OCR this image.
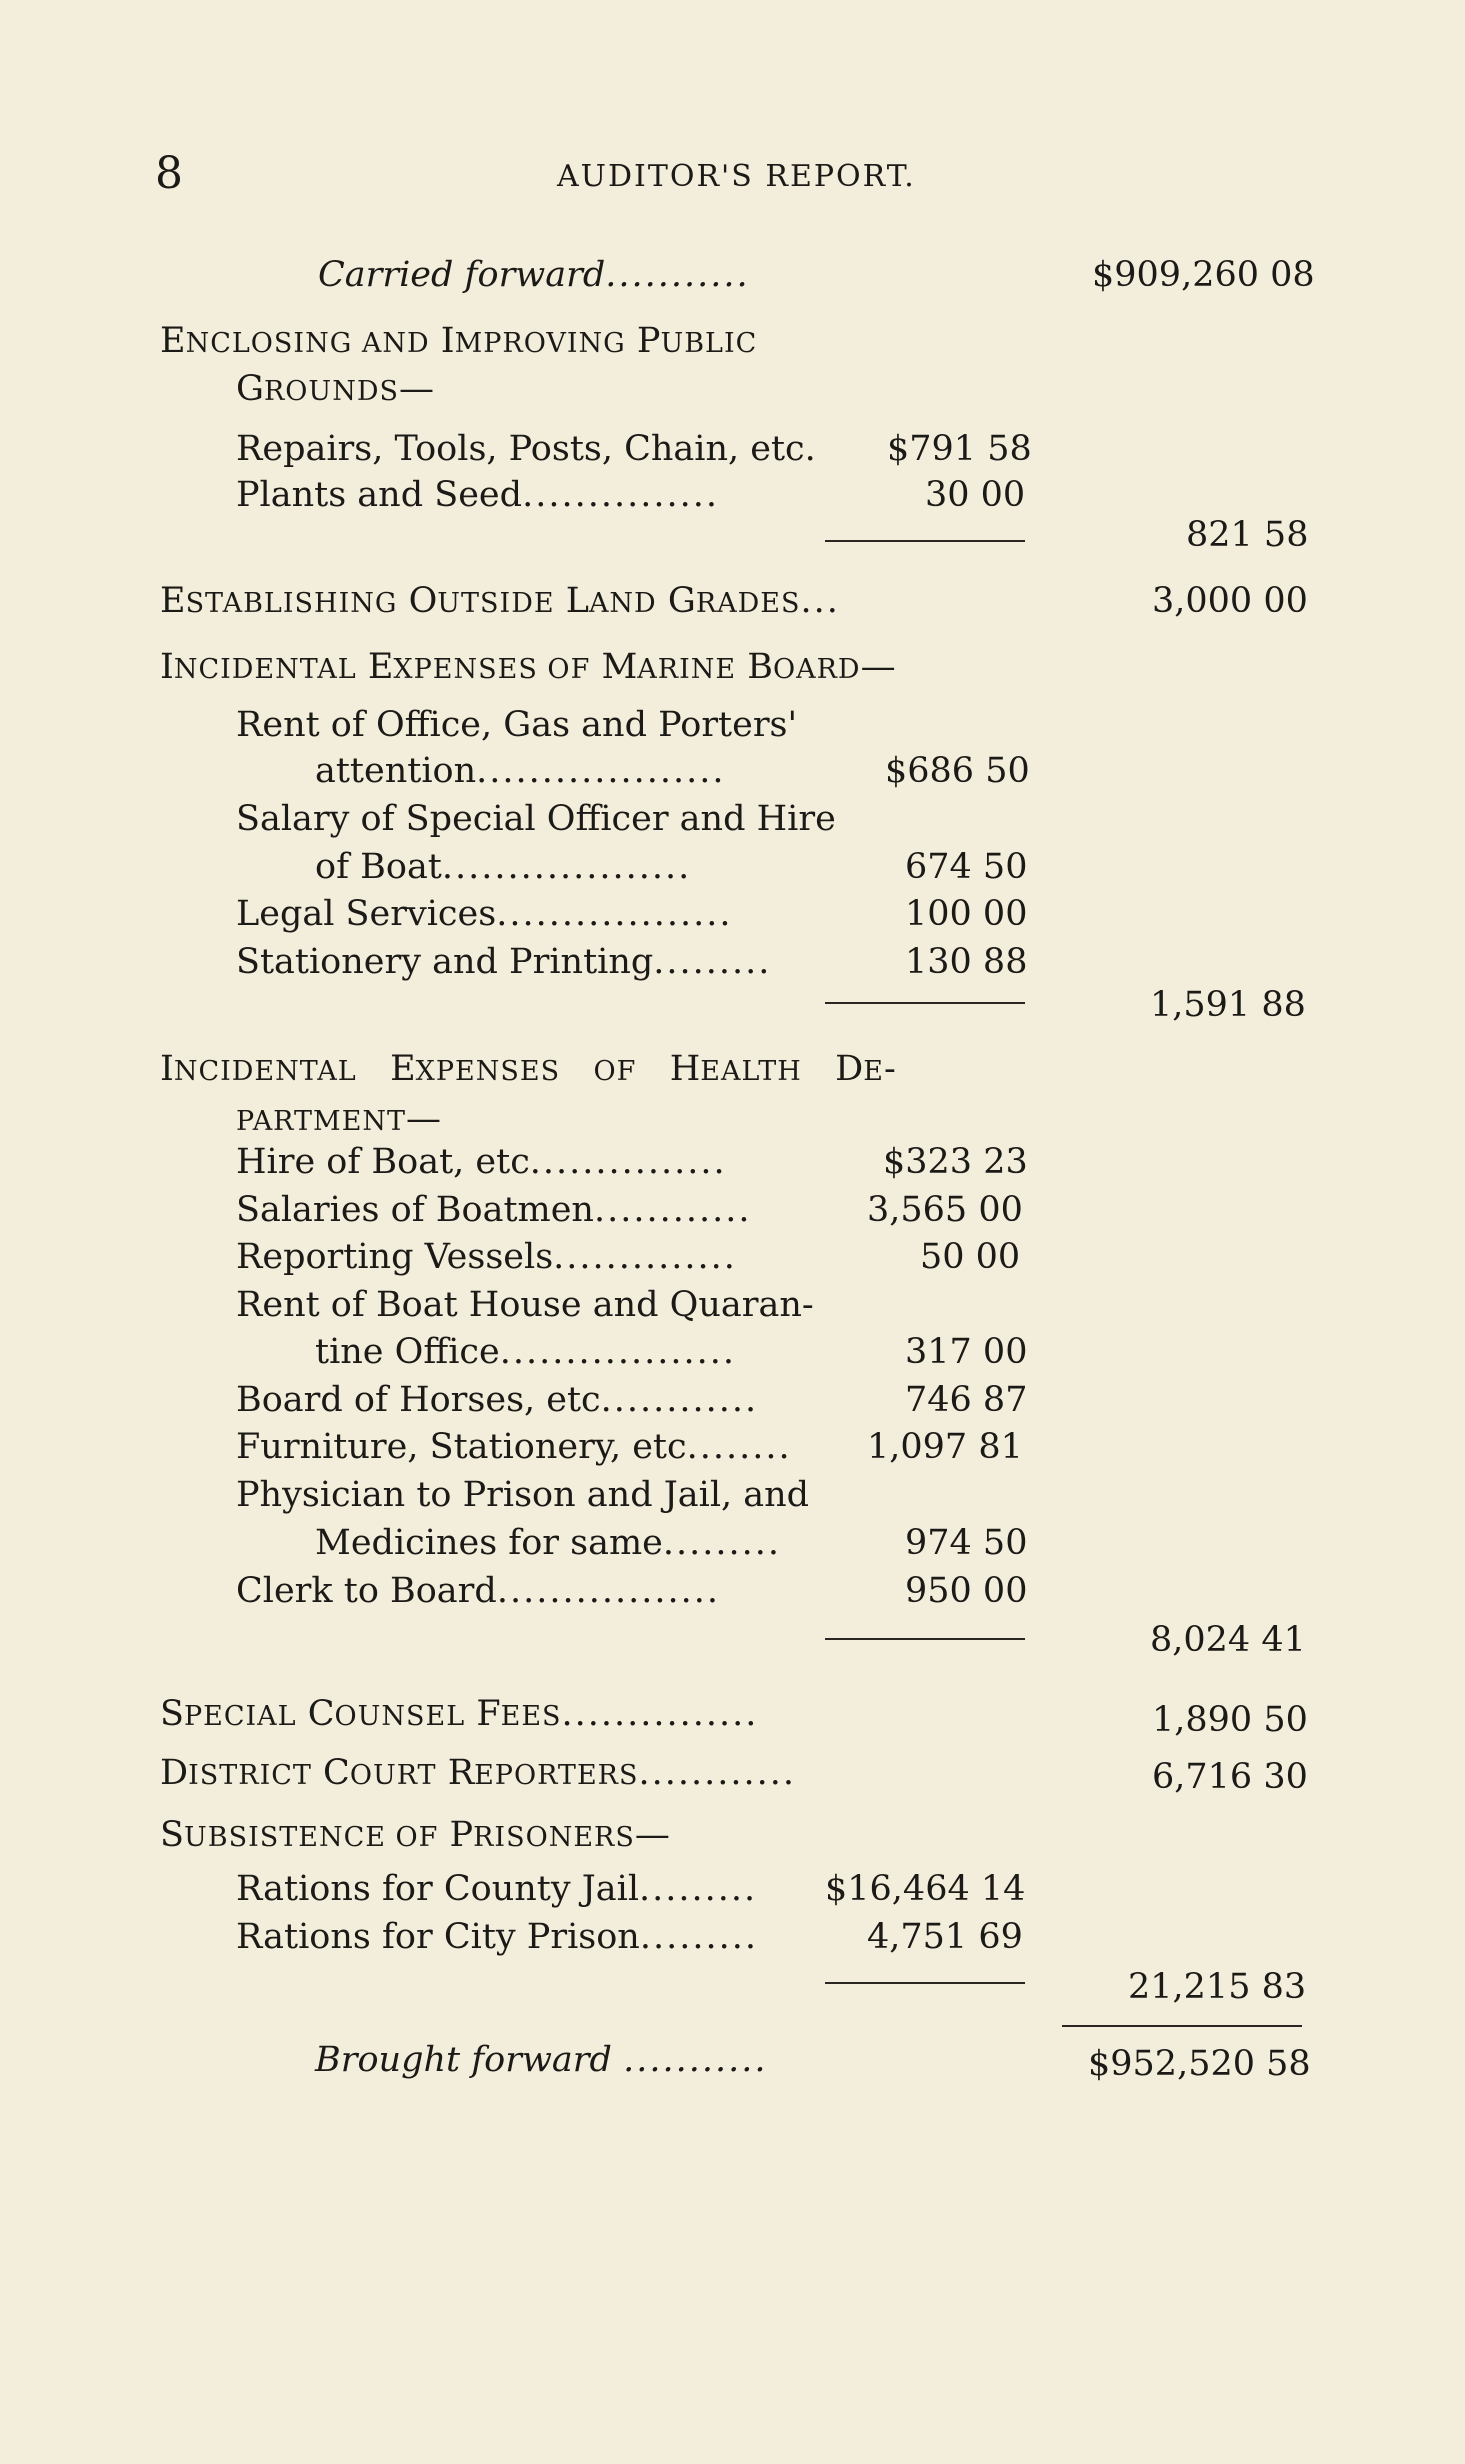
8	AUDITOR'S REPORT.
Carried forward...........	$909,260 08
ENCLOSING AND IMPROVING PUBLIC
GROUNDS—
Repairs, Tools, Posts, Chain, etc. $791 58
Plants and Seed...............	30 00
821 58
ESTABLISHING OUTSIDE LAND GRADES...	3,000 00
INCIDENTAL EXPENSES OF MARINE BOARD—
Rent of Office, Gas and Porters'
attention...................	$686 50
Salary of Special Officer and Hire
of Boat...................	674 50
Legal Services..................	100 00
Stationery and Printing.........	130 88
1,591 88
INCIDENTAL   EXPENSES OF   HEALTH   DE-
PARTMENT—
Hire of Boat, etc...............	$323 23
Salaries of Boatmen............	3,565 00
Reporting Vessels..............	50 00
Rent of Boat House and Quaran-
tine Office..................	317 00
Board of Horses, etc............	746 87
Furniture, Stationery, etc........ 1,097 81
Physician to Prison and Jail, and
Medicines for same.........	974 50
Clerk to Board.................	950 00
8,024 41
SPECIAL COUNSEL FEES...............	1,890 50
DISTRICT COURT REPORTERS............	6,716 30
SUBSISTENCE OF PRISONERS—
Rations for County Jail......... $16,464 14
Rations for City Prison.........	4,751 69
21,215 83
Brought forward ...........	$952,520 58
